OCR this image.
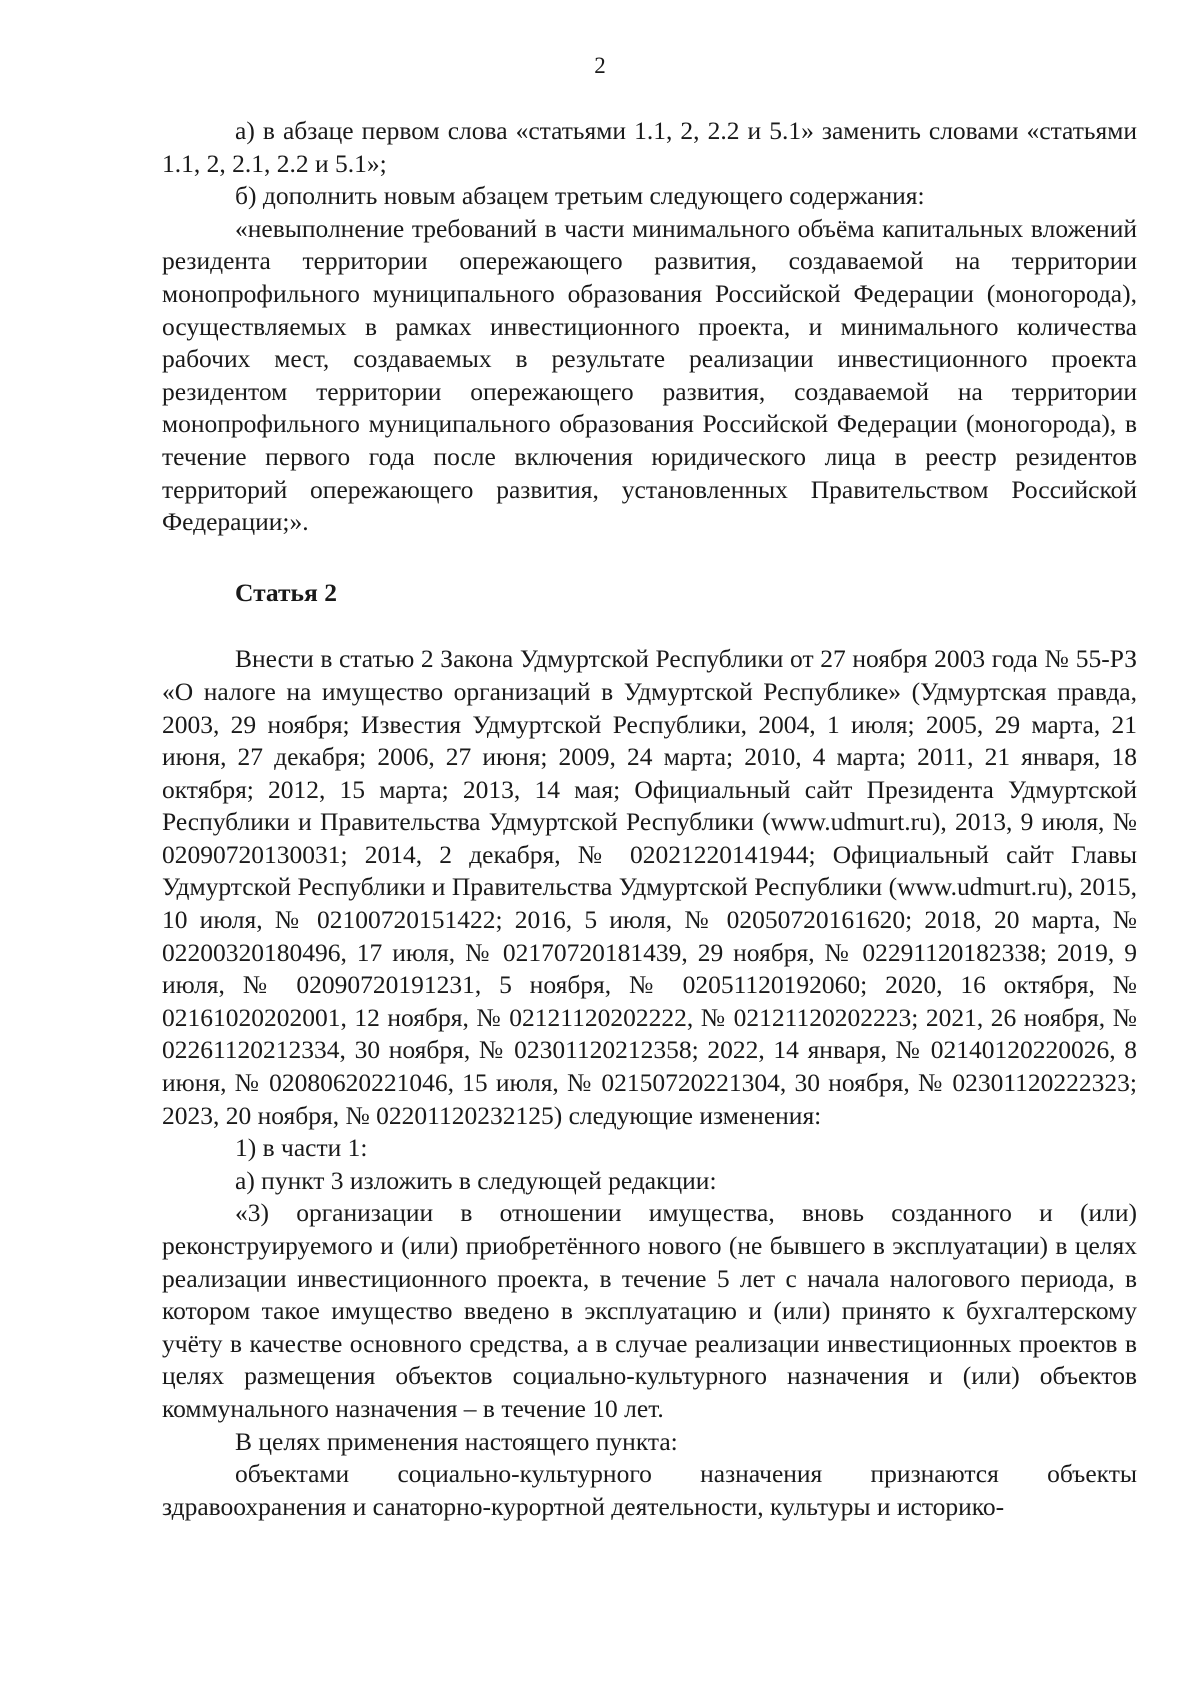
2

а) в абзаце первом слова «статьями 1.1, 2, 2.2 и 5.1» заменить словами «статьями 1.1, 2, 2.1, 2.2 и 5.1»;

б) дополнить новым абзацем третьим следующего содержания:

«невыполнение требований в части минимального объёма капитальных вложений резидента территории опережающего развития, создаваемой на территории монопрофильного муниципального образования Российской Федерации (моногорода), осуществляемых в рамках инвестиционного проекта, и минимального количества рабочих мест, создаваемых в результате реализации инвестиционного проекта резидентом территории опережающего развития, создаваемой на территории монопрофильного муниципального образования Российской Федерации (моногорода), в течение первого года после включения юридического лица в реестр резидентов территорий опережающего развития, установленных Правительством Российской Федерации;».

Статья 2

Внести в статью 2 Закона Удмуртской Республики от 27 ноября 2003 года № 55-РЗ «О налоге на имущество организаций в Удмуртской Республике» (Удмуртская правда, 2003, 29 ноября; Известия Удмуртской Республики, 2004, 1 июля; 2005, 29 марта, 21 июня, 27 декабря; 2006, 27 июня; 2009, 24 марта; 2010, 4 марта; 2011, 21 января, 18 октября; 2012, 15 марта; 2013, 14 мая; Официальный сайт Президента Удмуртской Республики и Правительства Удмуртской Республики (www.udmurt.ru), 2013, 9 июля, № 02090720130031; 2014, 2 декабря, № 02021220141944; Официальный сайт Главы Удмуртской Республики и Правительства Удмуртской Республики (www.udmurt.ru), 2015, 10 июля, № 02100720151422; 2016, 5 июля, № 02050720161620; 2018, 20 марта, № 02200320180496, 17 июля, № 02170720181439, 29 ноября, № 02291120182338; 2019, 9 июля, № 02090720191231, 5 ноября, № 02051120192060; 2020, 16 октября, № 02161020202001, 12 ноября, № 02121120202222, № 02121120202223; 2021, 26 ноября, № 02261120212334, 30 ноября, № 02301120212358; 2022, 14 января, № 02140120220026, 8 июня, № 02080620221046, 15 июля, № 02150720221304, 30 ноября, № 02301120222323; 2023, 20 ноября, № 02201120232125) следующие изменения:

1) в части 1:

а) пункт 3 изложить в следующей редакции:

«3) организации в отношении имущества, вновь созданного и (или) реконструируемого и (или) приобретённого нового (не бывшего в эксплуатации) в целях реализации инвестиционного проекта, в течение 5 лет с начала налогового периода, в котором такое имущество введено в эксплуатацию и (или) принято к бухгалтерскому учёту в качестве основного средства, а в случае реализации инвестиционных проектов в целях размещения объектов социально-культурного назначения и (или) объектов коммунального назначения – в течение 10 лет.

В целях применения настоящего пункта:

объектами социально-культурного назначения признаются объекты здравоохранения и санаторно-курортной деятельности, культуры и историко-
